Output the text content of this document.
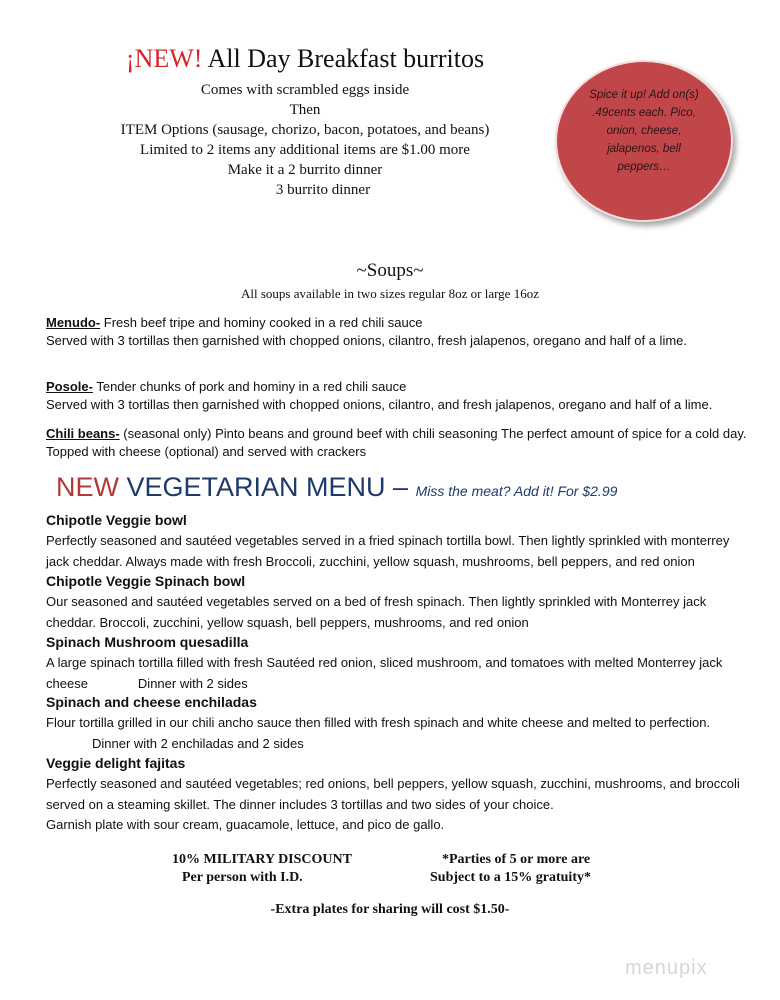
¡NEW! All Day Breakfast burritos
Comes with scrambled eggs inside
Then
ITEM Options (sausage, chorizo, bacon, potatoes, and beans)
Limited to 2 items any additional items are $1.00 more
Make it a 2 burrito dinner
3 burrito dinner
Spice it up! Add on(s) .49cents each. Pico, onion, cheese, jalapenos, bell peppers…
~Soups~
All soups available in two sizes regular 8oz or large 16oz
Menudo- Fresh beef tripe and hominy cooked in a red chili sauce
Served with 3 tortillas then garnished with chopped onions, cilantro, fresh jalapenos, oregano and half of a lime.
Posole- Tender chunks of pork and hominy in a red chili sauce
Served with 3 tortillas then garnished with chopped onions, cilantro, and fresh jalapenos, oregano and half of a lime.
Chili beans- (seasonal only) Pinto beans and ground beef with chili seasoning The perfect amount of spice for a cold day.
Topped with cheese (optional) and served with crackers
NEW VEGETARIAN MENU – Miss the meat? Add it! For $2.99
Chipotle Veggie bowl
Perfectly seasoned and sautéed vegetables served in a fried spinach tortilla bowl. Then lightly sprinkled with monterrey
jack cheddar. Always made with fresh Broccoli, zucchini, yellow squash, mushrooms, bell peppers, and red onion
Chipotle Veggie Spinach bowl
Our seasoned and sautéed vegetables served on a bed of fresh spinach. Then lightly sprinkled with Monterrey jack
cheddar. Broccoli, zucchini, yellow squash, bell peppers, mushrooms, and red onion
Spinach Mushroom quesadilla
A large spinach tortilla filled with fresh Sautéed red onion, sliced mushroom, and tomatoes with melted Monterrey jack
cheese	Dinner with 2 sides
Spinach and cheese enchiladas
Flour tortilla grilled in our chili ancho sauce then filled with fresh spinach and white cheese and melted to perfection.
Dinner with 2 enchiladas and 2 sides
Veggie delight fajitas
Perfectly seasoned and sautéed vegetables; red onions, bell peppers, yellow squash, zucchini, mushrooms, and broccoli
served on a steaming skillet. The dinner includes 3 tortillas and two sides of your choice.
Garnish plate with sour cream, guacamole, lettuce, and pico de gallo.
10% MILITARY DISCOUNT
Per person with I.D.
*Parties of 5 or more are
Subject to a 15% gratuity*
-Extra plates for sharing will cost $1.50-
menupix
